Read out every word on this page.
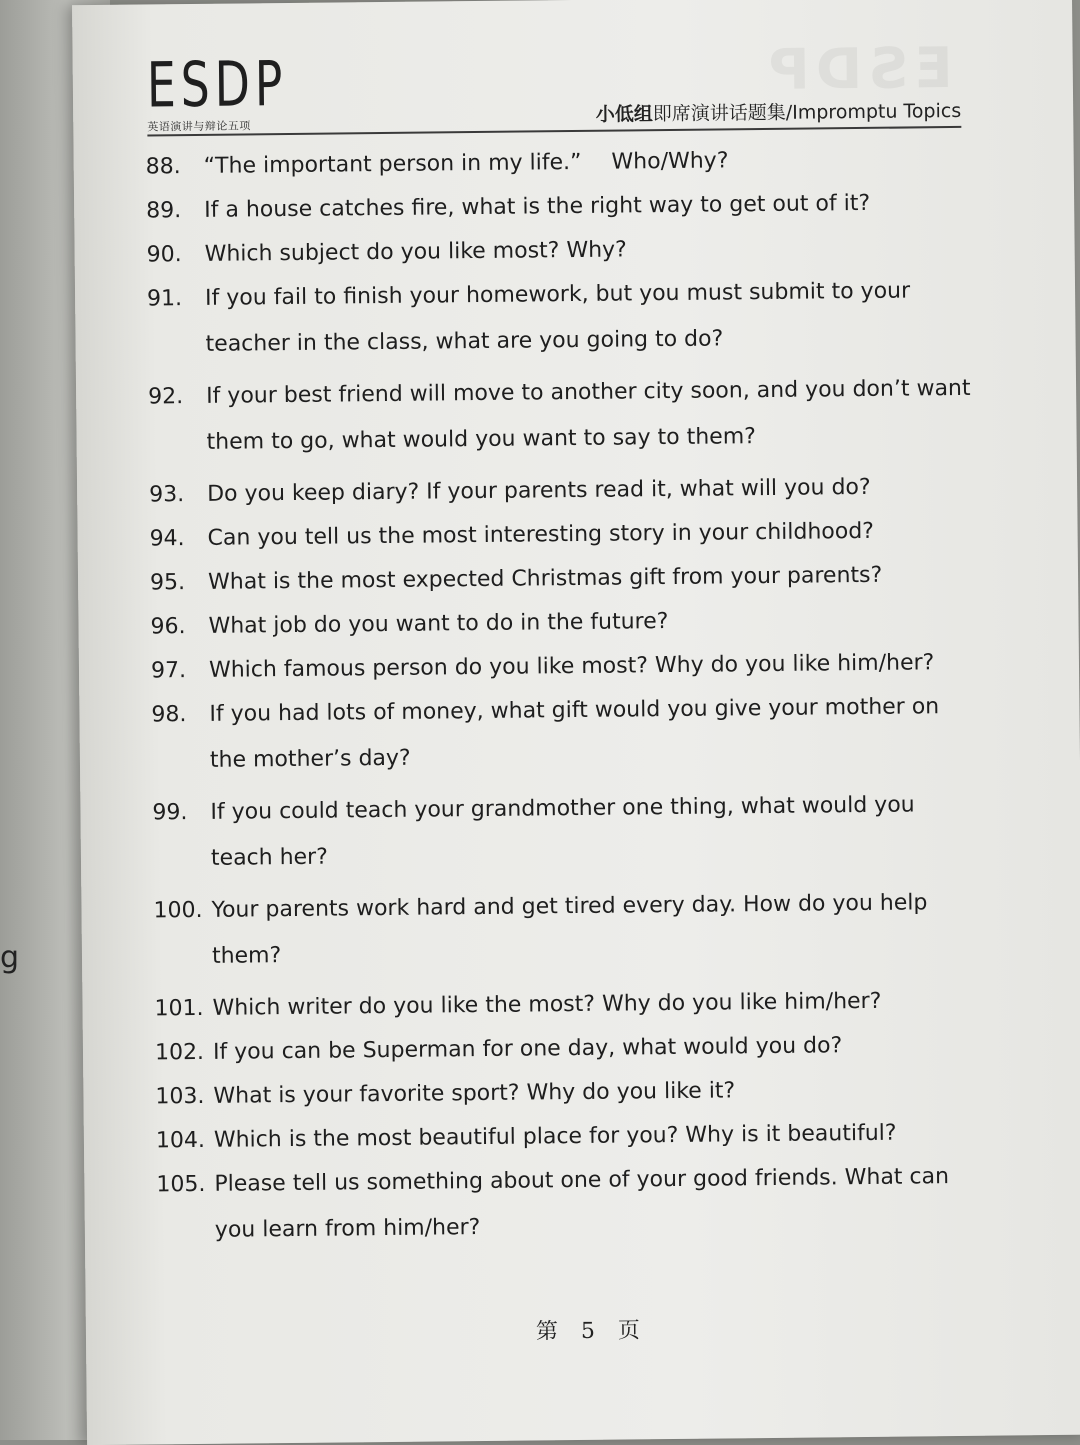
g
ESDP
ESDP
英语演讲与辩论五项
小低组即席演讲话题集/Impromptu Topics
88.	“The important person in my life.” Who/Why?
89.	If a house catches fire, what is the right way to get out of it?
90.	Which subject do you like most? Why?
91.	If you fail to finish your homework, but you must submit to your teacher in the class, what are you going to do?
92.	If your best friend will move to another city soon, and you don’t want them to go, what would you want to say to them?
93.	Do you keep diary? If your parents read it, what will you do?
94.	Can you tell us the most interesting story in your childhood?
95.	What is the most expected Christmas gift from your parents?
96.	What job do you want to do in the future?
97.	Which famous person do you like most? Why do you like him/her?
98.	If you had lots of money, what gift would you give your mother on the mother’s day?
99.	If you could teach your grandmother one thing, what would you teach her?
100. Your parents work hard and get tired every day. How do you help them?
101. Which writer do you like the most? Why do you like him/her?
102. If you can be Superman for one day, what would you do?
103. What is your favorite sport? Why do you like it?
104. Which is the most beautiful place for you? Why is it beautiful?
105. Please tell us something about one of your good friends. What can you learn from him/her?
第 5 页
